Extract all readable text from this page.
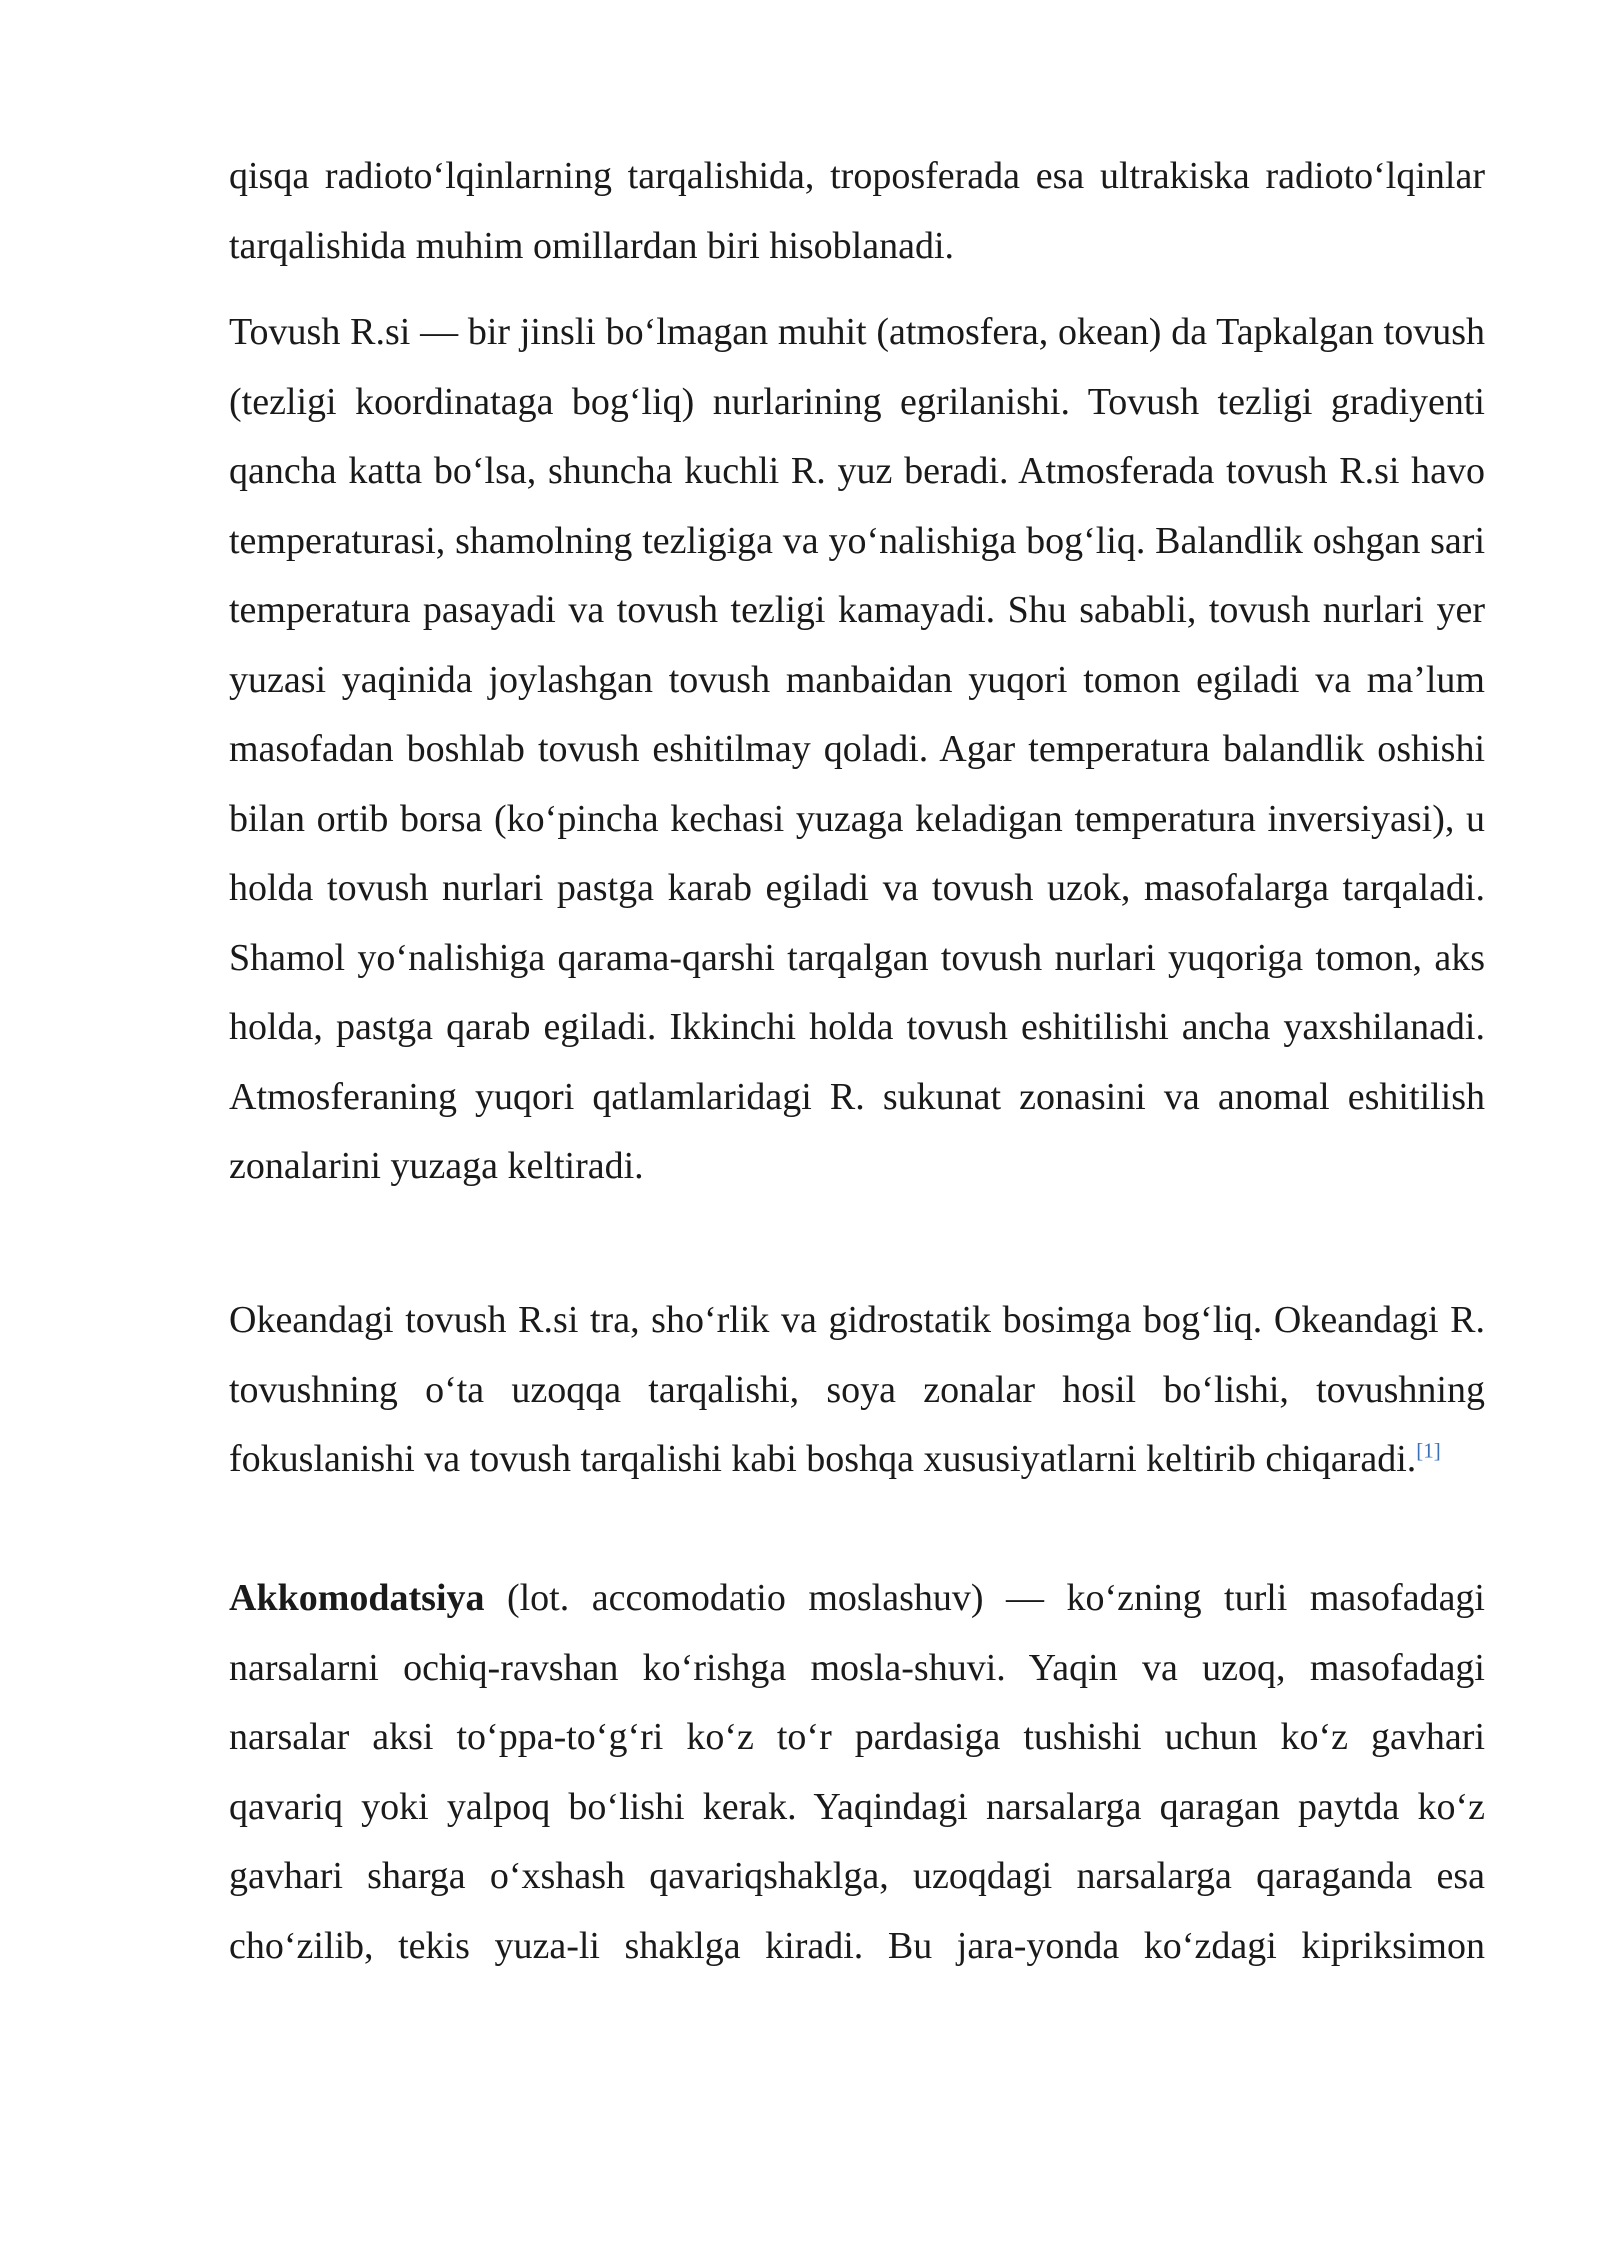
qisqa radioto‘lqinlarning tarqalishida, troposferada esa ultrakiska radioto‘lqinlar tarqalishida muhim omillardan biri hisoblanadi.

Tovush R.si — bir jinsli bo‘lmagan muhit (atmosfera, okean) da Tapkalgan tovush (tezligi koordinataga bog‘liq) nurlarining egrilanishi. Tovush tezligi gradiyenti qancha katta bo‘lsa, shuncha kuchli R. yuz beradi. Atmosferada tovush R.si havo temperaturasi, shamolning tezligiga va yo‘nalishiga bog‘liq. Balandlik oshgan sari temperatura pasayadi va tovush tezligi kamayadi. Shu sababli, tovush nurlari yer yuzasi yaqinida joylashgan tovush manbaidan yuqori tomon egiladi va ma’lum masofadan boshlab tovush eshitilmay qoladi. Agar temperatura balandlik oshishi bilan ortib borsa (ko‘pincha kechasi yuzaga keladigan temperatura inversiyasi), u holda tovush nurlari pastga karab egiladi va tovush uzok, masofalarga tarqaladi. Shamol yo‘nalishiga qarama-qarshi tarqalgan tovush nurlari yuqoriga tomon, aks holda, pastga qarab egiladi. Ikkinchi holda tovush eshitilishi ancha yaxshilanadi. Atmosferaning yuqori qatlamlaridagi R. sukunat zonasini va anomal eshitilish zonalarini yuzaga keltiradi.

Okeandagi tovush R.si tra, sho‘rlik va gidrostatik bosimga bog‘liq. Okeandagi R. tovushning o‘ta uzoqqa tarqalishi, soya zonalar hosil bo‘lishi, tovushning fokuslanishi va tovush tarqalishi kabi boshqa xususiyatlarni keltirib chiqaradi.[1]

Akkomodatsiya (lot. accomodatio moslashuv) — ko‘zning turli masofadagi narsalarni ochiq-ravshan ko‘rishga mosla-shuvi. Yaqin va uzoq, masofadagi narsalar aksi to‘ppa-to‘g‘ri ko‘z to‘r pardasiga tushishi uchun ko‘z gavhari qavariq yoki yalpoq bo‘lishi kerak. Yaqindagi narsalarga qaragan paytda ko‘z gavhari sharga o‘xshash qavariqshaklga, uzoqdagi narsalarga qaraganda esa cho‘zilib, tekis yuza-li shaklga kiradi. Bu jara-yonda ko‘zdagi kipriksimon
